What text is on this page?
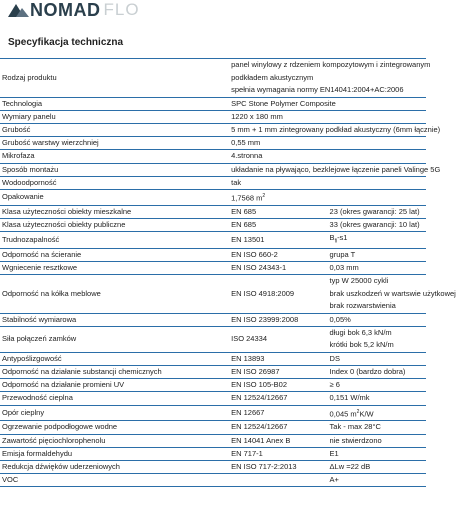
NOMAD FLO
Specyfikacja techniczna
Rodzaj produktu	panel winylowy z rdzeniem kompozytowym i zintegrowanym
podkładem akustycznym
spełnia wymagania normy EN14041:2004+AC:2006	

Technologia	SPC Stone Polymer Composite	
Wymiary panelu	1220 x 180 mm	
Grubość	5 mm + 1 mm zintegrowany podkład akustyczny (6mm łącznie)	
Grubość warstwy wierzchniej	0,55 mm	
Mikrofaza	4.stronna	
Sposób montażu	układanie na pływająco, bezklejowe łączenie paneli Valinge 5G	
Wodoodporność	tak	
Opakowanie	1,7568 $m^2$
Klasa użyteczności obiekty mieszkalne	EN 685	23 (okres gwarancji: 25 lat)
Klasa użyteczności obiekty publiczne	EN 685	33 (okres gwarancji: 10 lat)
Trudnozapalność	EN 13501	$B_{fl}-s1$
Odporność na ścieranie	EN ISO 660-2	grupa T
Wgniecenie resztkowe	EN ISO 24343-1	0,03 mm
Odporność na kółka meblowe	EN ISO 4918:2009	typ W 25000 cykli
brak uszkodzeń w wartswie użytkowej
brak rozwarstwienia

Stabilność wymiarowa	EN ISO 23999:2008	0,05%
Siła połączeń zamków	ISO 24334	długi bok 6,3 kN/m
krótki bok 5,2 kN/m

Antypoślizgowość	EN 13893	DS
Odporność na działanie substancji chemicznych	EN ISO 26987	Index 0 (bardzo dobra)
Odporność na działanie promieni UV	EN ISO 105-B02	≥ 6
Przewodność cieplna	EN 12524/12667	0,151 W/mk
Opór cieplny	EN 12667	0,045 $m^2K/W$
Ogrzewanie podpodłogowe wodne	EN 12524/12667	Tak - max 28°C
Zawartość pięciochlorophenolu	EN 14041 Anex B	nie stwierdzono
Emisja formaldehydu	EN 717-1	E1
Redukcja dźwięków uderzeniowych	EN ISO 717-2:2013	ΔLw =22 dB
VOC		A+
